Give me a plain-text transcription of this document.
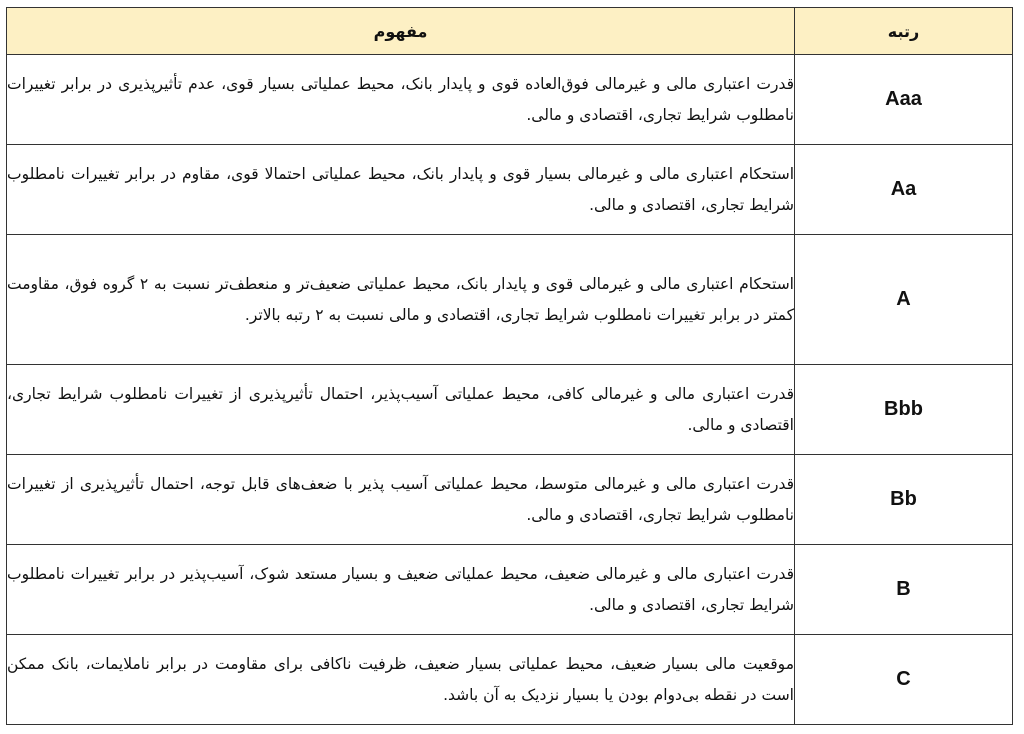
رتبه	مفهوم
Aaa	قدرت اعتباری مالی و غیرمالی فوق‌العاده قوی و پایدار بانک، محیط عملیاتی بسیار قوی، عدم تأثیرپذیری در برابر تغییرات نامطلوب شرایط تجاری، اقتصادی و مالی.
Aa	استحکام اعتباری مالی و غیرمالی بسیار قوی و پایدار بانک، محیط عملیاتی احتمالا قوی، مقاوم در برابر تغییرات نامطلوب شرایط تجاری، اقتصادی و مالی.
A	استحکام اعتباری مالی و غیرمالی قوی و پایدار بانک، محیط عملیاتی ضعیف‌تر و منعطف‌تر نسبت به ۲ گروه فوق، مقاومت کمتر در برابر تغییرات نامطلوب شرایط تجاری، اقتصادی و مالی نسبت به ۲ رتبه بالاتر.
Bbb	قدرت اعتباری مالی و غیرمالی کافی، محیط عملیاتی آسیب‌پذیر، احتمال تأثیرپذیری از تغییرات نامطلوب شرایط تجاری، اقتصادی و مالی.
Bb	قدرت اعتباری مالی و غیرمالی متوسط، محیط عملیاتی آسیب پذیر با ضعف‌های قابل توجه، احتمال تأثیرپذیری از تغییرات نامطلوب شرایط تجاری، اقتصادی و مالی.
B	قدرت اعتباری مالی و غیرمالی ضعیف، محیط عملیاتی ضعیف و بسیار مستعد شوک، آسیب‌پذیر در برابر تغییرات نامطلوب شرایط تجاری، اقتصادی و مالی.
C	موقعیت مالی بسیار ضعیف، محیط عملیاتی بسیار ضعیف، ظرفیت ناکافی برای مقاومت در برابر ناملایمات، بانک ممکن است در نقطه بی‌دوام بودن یا بسیار نزدیک به آن باشد.
